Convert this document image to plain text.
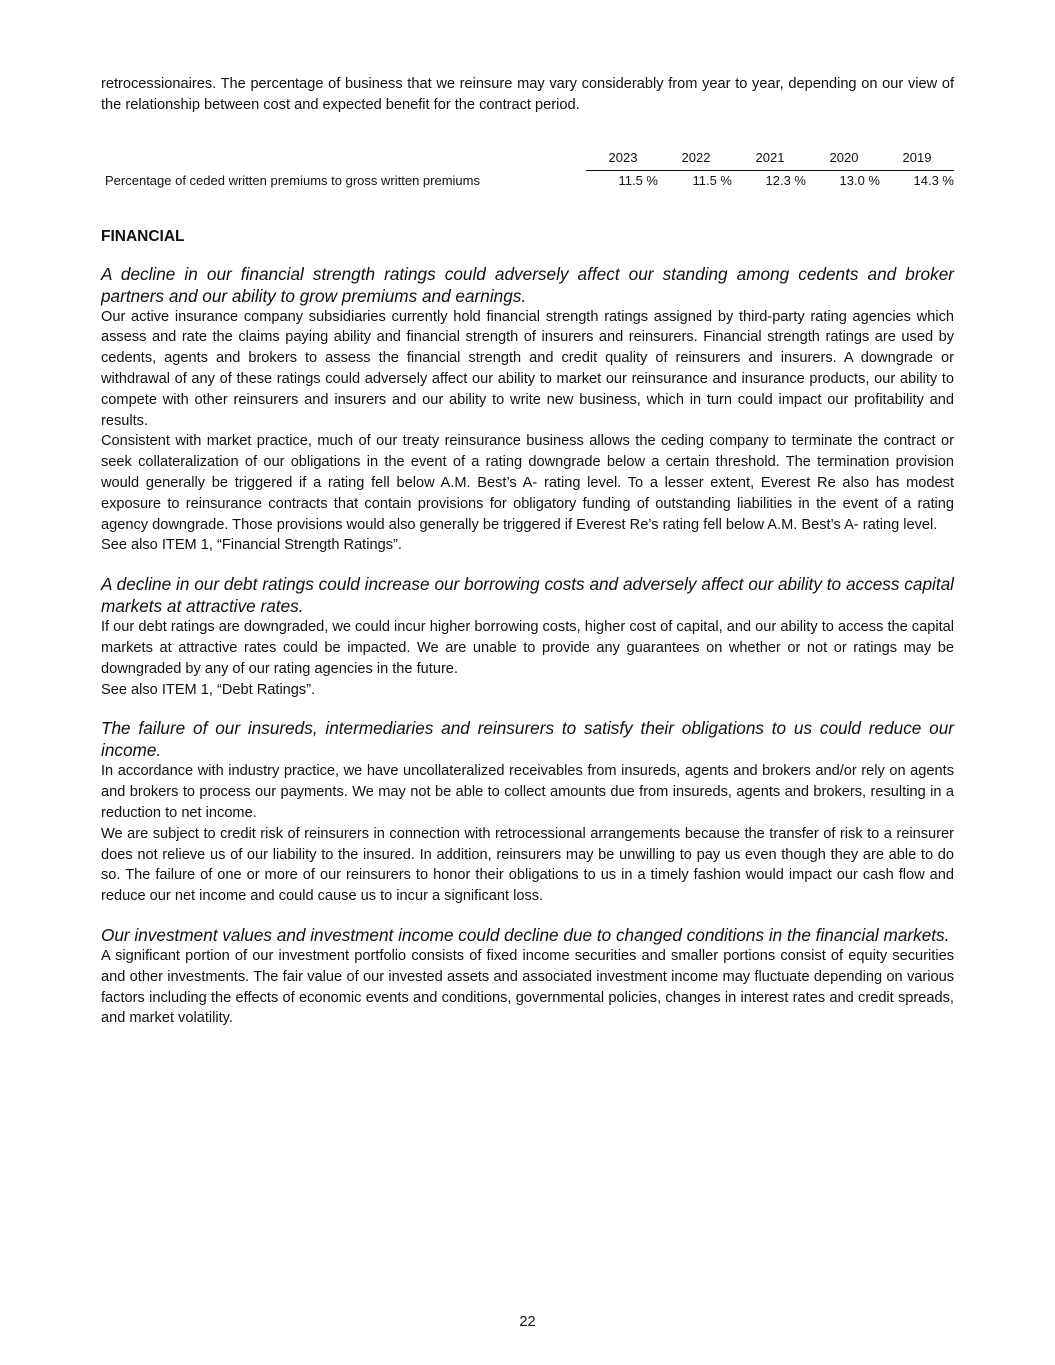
retrocessionaires. The percentage of business that we reinsure may vary considerably from year to year, depending on our view of the relationship between cost and expected benefit for the contract period.

2023	2022	2021	2020	2019
Percentage of ceded written premiums to gross written premiums	11.5 %	11.5 %	12.3 %	13.0 %	14.3 %
FINANCIAL
A decline in our financial strength ratings could adversely affect our standing among cedents and broker partners and our ability to grow premiums and earnings.

Our active insurance company subsidiaries currently hold financial strength ratings assigned by third-party rating agencies which assess and rate the claims paying ability and financial strength of insurers and reinsurers. Financial strength ratings are used by cedents, agents and brokers to assess the financial strength and credit quality of reinsurers and insurers. A downgrade or withdrawal of any of these ratings could adversely affect our ability to market our reinsurance and insurance products, our ability to compete with other reinsurers and insurers and our ability to write new business, which in turn could impact our profitability and results.

Consistent with market practice, much of our treaty reinsurance business allows the ceding company to terminate the contract or seek collateralization of our obligations in the event of a rating downgrade below a certain threshold. The termination provision would generally be triggered if a rating fell below A.M. Best’s A- rating level. To a lesser extent, Everest Re also has modest exposure to reinsurance contracts that contain provisions for obligatory funding of outstanding liabilities in the event of a rating agency downgrade. Those provisions would also generally be triggered if Everest Re’s rating fell below A.M. Best’s A- rating level.

See also ITEM 1, “Financial Strength Ratings”.

A decline in our debt ratings could increase our borrowing costs and adversely affect our ability to access capital markets at attractive rates.

If our debt ratings are downgraded, we could incur higher borrowing costs, higher cost of capital, and our ability to access the capital markets at attractive rates could be impacted. We are unable to provide any guarantees on whether or not or ratings may be downgraded by any of our rating agencies in the future.

See also ITEM 1, “Debt Ratings”.

The failure of our insureds, intermediaries and reinsurers to satisfy their obligations to us could reduce our income.

In accordance with industry practice, we have uncollateralized receivables from insureds, agents and brokers and/or rely on agents and brokers to process our payments. We may not be able to collect amounts due from insureds, agents and brokers, resulting in a reduction to net income.

We are subject to credit risk of reinsurers in connection with retrocessional arrangements because the transfer of risk to a reinsurer does not relieve us of our liability to the insured. In addition, reinsurers may be unwilling to pay us even though they are able to do so. The failure of one or more of our reinsurers to honor their obligations to us in a timely fashion would impact our cash flow and reduce our net income and could cause us to incur a significant loss.

Our investment values and investment income could decline due to changed conditions in the financial markets.

A significant portion of our investment portfolio consists of fixed income securities and smaller portions consist of equity securities and other investments. The fair value of our invested assets and associated investment income may fluctuate depending on various factors including the effects of economic events and conditions, governmental policies, changes in interest rates and credit spreads, and market volatility.

22
